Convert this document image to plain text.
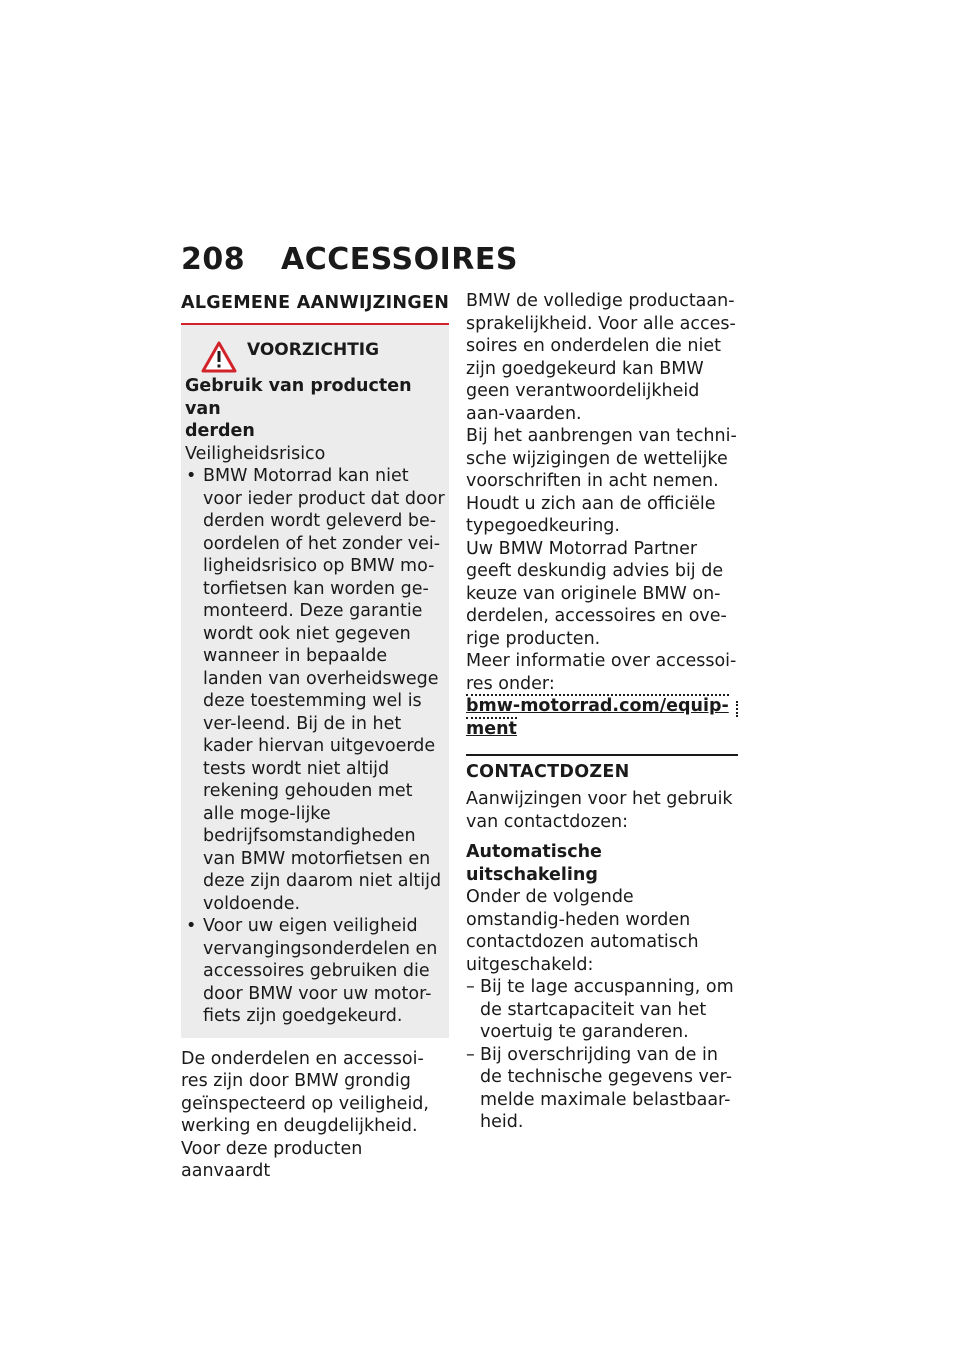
208 ACCESSOIRES
ALGEMENE AANWIJZINGEN
VOORZICHTIG

Gebruik van producten van

derden

Veiligheidsrisico

• BMW Motorrad kan niet voor ieder product dat door derden wordt geleverd be-oordelen of het zonder vei-ligheidsrisico op BMW mo-torfietsen kan worden ge-monteerd. Deze garantie wordt ook niet gegeven wanneer in bepaalde landen van overheidswege deze toestemming wel is ver-leend. Bij de in het kader hiervan uitgevoerde tests wordt niet altijd rekening gehouden met alle moge-lijke bedrijfsomstandigheden van BMW motorfietsen en deze zijn daarom niet altijd voldoende.
• Voor uw eigen veiligheid vervangingsonderdelen en accessoires gebruiken die door BMW voor uw motor-fiets zijn goedgekeurd.

De onderdelen en accessoi-res zijn door BMW grondig geïnspecteerd op veiligheid, werking en deugdelijkheid. Voor deze producten aanvaardt

BMW de volledige productaan-sprakelijkheid. Voor alle acces-soires en onderdelen die niet zijn goedgekeurd kan BMW geen verantwoordelijkheid aan-vaarden.

Bij het aanbrengen van techni-sche wijzigingen de wettelijke voorschriften in acht nemen. Houdt u zich aan de officiële typegoedkeuring.

Uw BMW Motorrad Partner geeft deskundig advies bij de keuze van originele BMW on-derdelen, accessoires en ove-rige producten.

Meer informatie over accessoi-res onder:

bmw-motorrad.com/equip-ment
CONTACTDOZEN

Aanwijzingen voor het gebruik van contactdozen:

Automatische uitschakeling

Onder de volgende omstandig-heden worden contactdozen automatisch uitgeschakeld:

– Bij te lage accuspanning, om de startcapaciteit van het voertuig te garanderen.
– Bij overschrijding van de in de technische gegevens ver-melde maximale belastbaar-heid.
